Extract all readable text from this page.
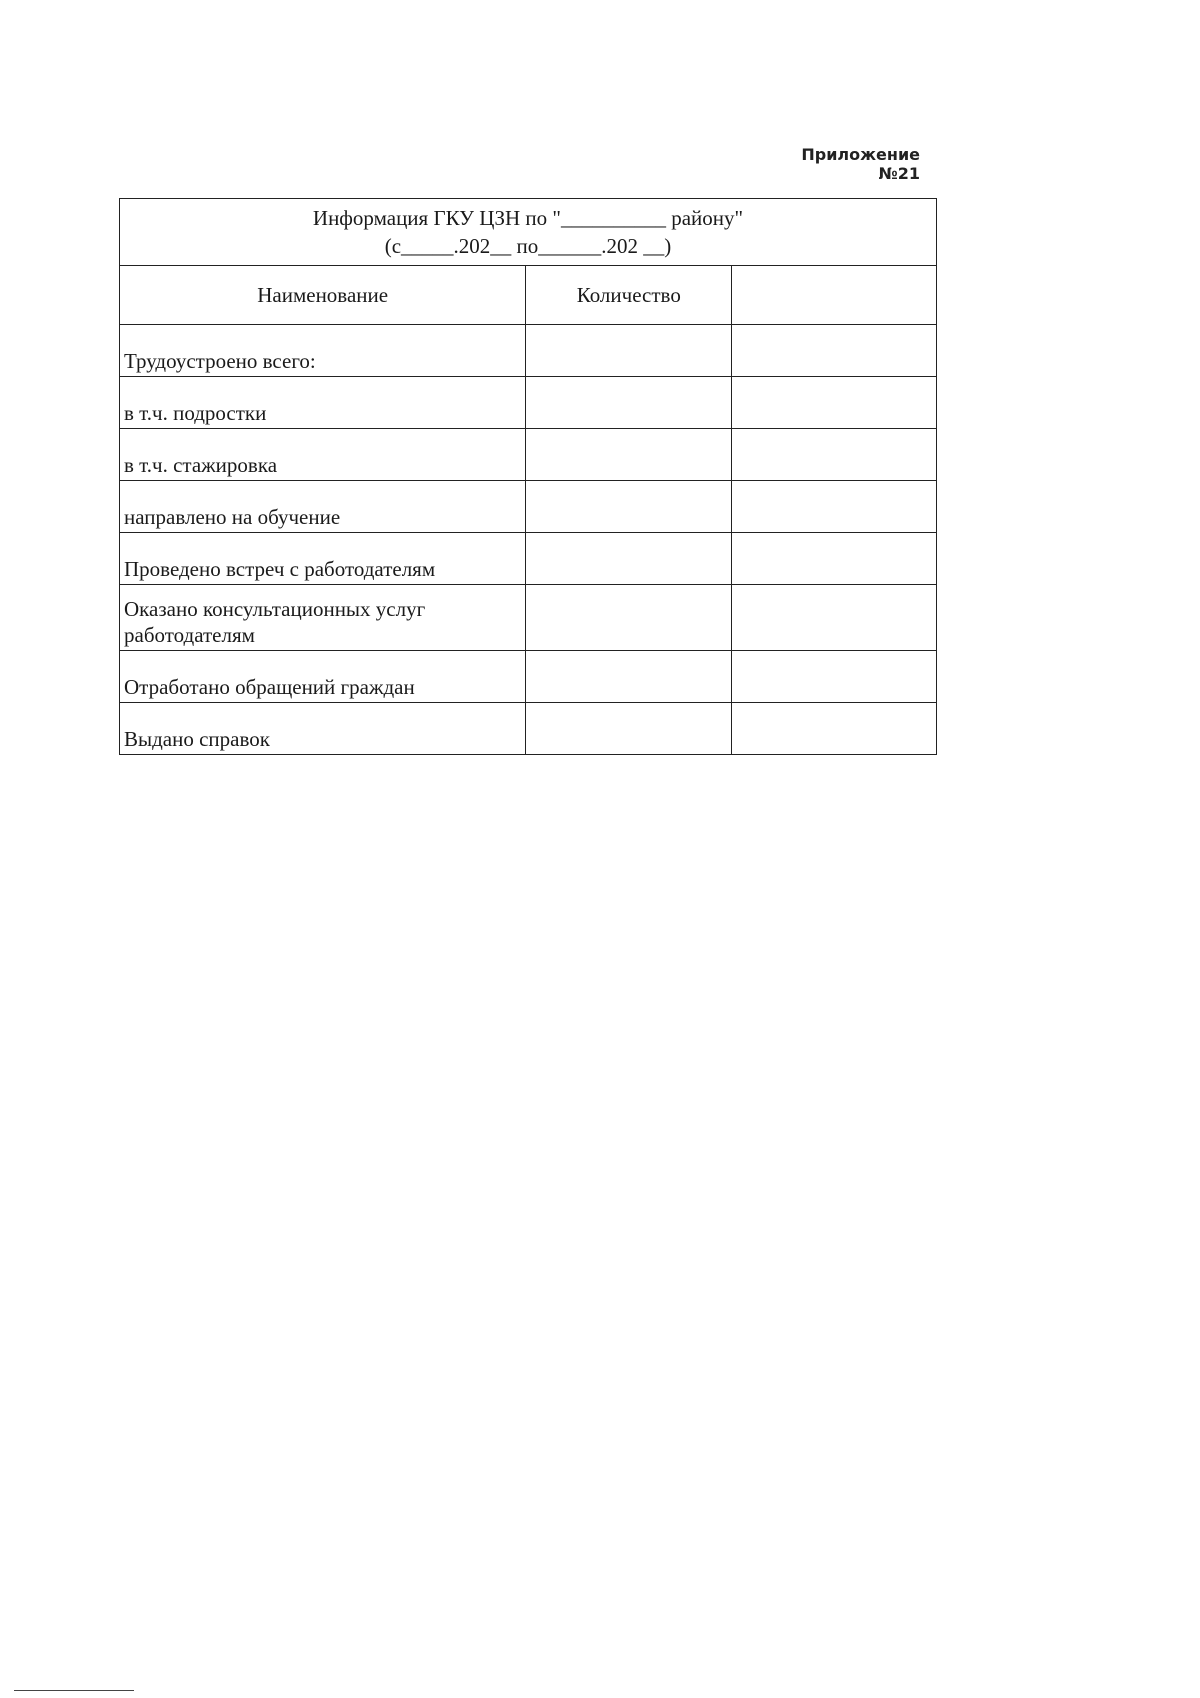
Приложение №21
Информация ГКУ ЦЗН по "__________ району"
(с_____.202__ по______.202 __)		

Наименование	Количество	
Трудоустроено всего:		
в т.ч. подростки		
в т.ч. стажировка		
направлено на обучение		
Проведено встреч с работодателям		
Оказано консультационных услуг работодателям		
Отработано обращений граждан		
Выдано справок		
